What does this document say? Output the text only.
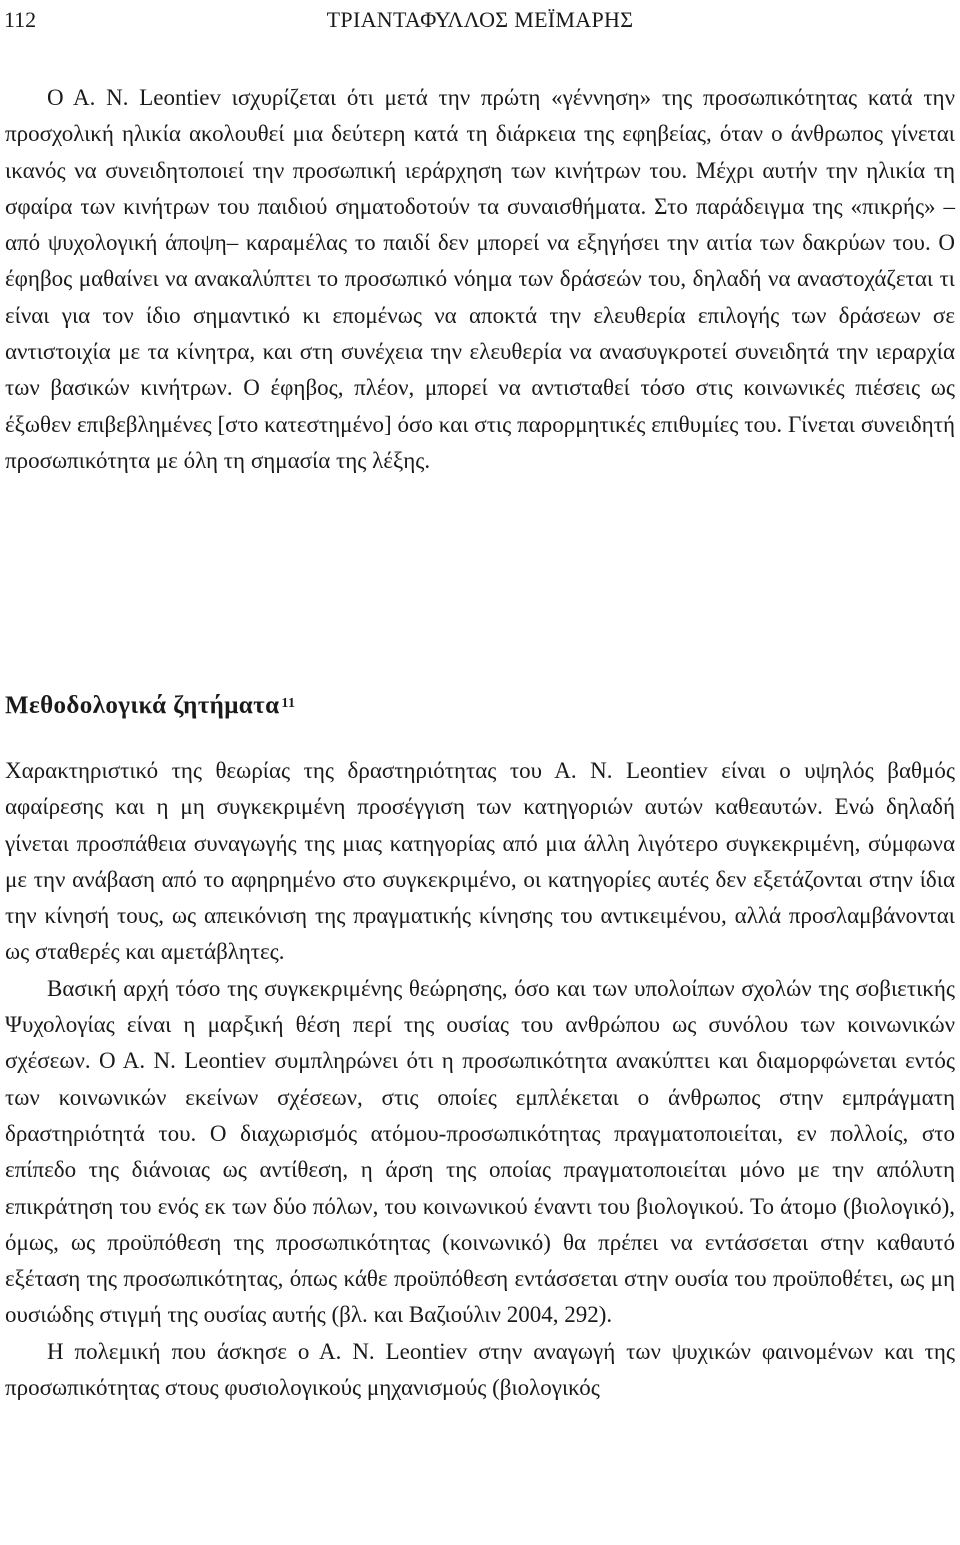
112	ΤΡΙΑΝΤΑΦΥΛΛΟΣ ΜΕΪΜΑΡΗΣ

Ο Α. Ν. Leontiev ισχυρίζεται ότι μετά την πρώτη «γέννηση» της προσωπικότητας κατά την προσχολική ηλικία ακολουθεί μια δεύτερη κατά τη διάρκεια της εφηβείας, όταν ο άνθρωπος γίνεται ικανός να συνειδητοποιεί την προσωπική ιεράρχηση των κινήτρων του. Μέχρι αυτήν την ηλικία τη σφαίρα των κινήτρων του παιδιού σηματοδοτούν τα συναισθήματα. Στο παράδειγμα της «πικρής» –από ψυχολογική άποψη– καραμέλας το παιδί δεν μπορεί να εξηγήσει την αιτία των δακρύων του. Ο έφηβος μαθαίνει να ανακαλύπτει το προσωπικό νόημα των δράσεών του, δηλαδή να αναστοχάζεται τι είναι για τον ίδιο σημαντικό κι επομένως να αποκτά την ελευθερία επιλογής των δράσεων σε αντιστοιχία με τα κίνητρα, και στη συνέχεια την ελευθερία να ανασυγκροτεί συνειδητά την ιεραρχία των βασικών κινήτρων. Ο έφηβος, πλέον, μπορεί να αντισταθεί τόσο στις κοινωνικές πιέσεις ως έξωθεν επιβεβλημένες [στο κατεστημένο] όσο και στις παρορμητικές επιθυμίες του. Γίνεται συνειδητή προσωπικότητα με όλη τη σημασία της λέξης.

Μεθοδολογικά ζητήματα $^{11}$

Χαρακτηριστικό της θεωρίας της δραστηριότητας του Α. Ν. Leontiev είναι ο υψηλός βαθμός αφαίρεσης και η μη συγκεκριμένη προσέγγιση των κατηγοριών αυτών καθεαυτών. Ενώ δηλαδή γίνεται προσπάθεια συναγωγής της μιας κατηγορίας από μια άλλη λιγότερο συγκεκριμένη, σύμφωνα με την ανάβαση από το αφηρημένο στο συγκεκριμένο, οι κατηγορίες αυτές δεν εξετάζονται στην ίδια την κίνησή τους, ως απεικόνιση της πραγματικής κίνησης του αντικειμένου, αλλά προσλαμβάνονται ως σταθερές και αμετάβλητες.

Βασική αρχή τόσο της συγκεκριμένης θεώρησης, όσο και των υπολοίπων σχολών της σοβιετικής Ψυχολογίας είναι η μαρξική θέση περί της ουσίας του ανθρώπου ως συνόλου των κοινωνικών σχέσεων. Ο Α. Ν. Leontiev συμπληρώνει ότι η προσωπικότητα ανακύπτει και διαμορφώνεται εντός των κοινωνικών εκείνων σχέσεων, στις οποίες εμπλέκεται ο άνθρωπος στην εμπράγματη δραστηριότητά του. Ο διαχωρισμός ατόμου-προσωπικότητας πραγματοποιείται, εν πολλοίς, στο επίπεδο της διάνοιας ως αντίθεση, η άρση της οποίας πραγματοποιείται μόνο με την απόλυτη επικράτηση του ενός εκ των δύο πόλων, του κοινωνικού έναντι του βιολογικού. Το άτομο (βιολογικό), όμως, ως προϋπόθεση της προσωπικότητας (κοινωνικό) θα πρέπει να εντάσσεται στην καθαυτό εξέταση της προσωπικότητας, όπως κάθε προϋπόθεση εντάσσεται στην ουσία του προϋποθέτει, ως μη ουσιώδης στιγμή της ουσίας αυτής (βλ. και Βαζιούλιν 2004, 292).

Η πολεμική που άσκησε ο Α. Ν. Leontiev στην αναγωγή των ψυχικών φαινομένων και της προσωπικότητας στους φυσιολογικούς μηχανισμούς (βιολογικός
